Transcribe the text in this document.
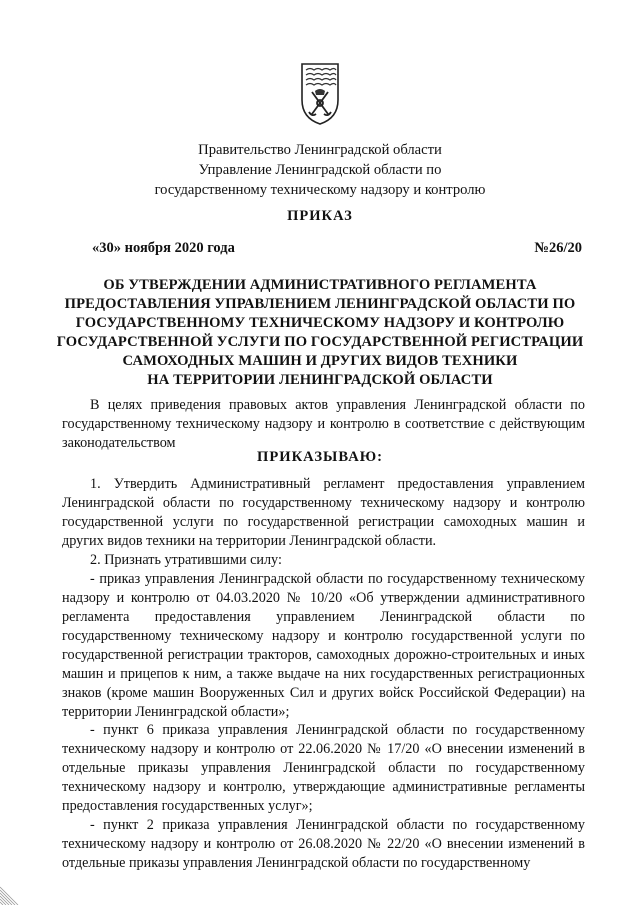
Правительство Ленинградской области
Управление Ленинградской области по
государственному техническому надзору и контролю
ПРИКАЗ
«30» ноября 2020 года	№26/20
ОБ УТВЕРЖДЕНИИ АДМИНИСТРАТИВНОГО РЕГЛАМЕНТА
ПРЕДОСТАВЛЕНИЯ УПРАВЛЕНИЕМ ЛЕНИНГРАДСКОЙ ОБЛАСТИ ПО
ГОСУДАРСТВЕННОМУ ТЕХНИЧЕСКОМУ НАДЗОРУ И КОНТРОЛЮ
ГОСУДАРСТВЕННОЙ УСЛУГИ ПО ГОСУДАРСТВЕННОЙ РЕГИСТРАЦИИ
САМОХОДНЫХ МАШИН И ДРУГИХ ВИДОВ ТЕХНИКИ
НА ТЕРРИТОРИИ ЛЕНИНГРАДСКОЙ ОБЛАСТИ
В целях приведения правовых актов управления Ленинградской области по государственному техническому надзору и контролю в соответствие с действующим законодательством
ПРИКАЗЫВАЮ:
1. Утвердить Административный регламент предоставления управлением Ленинградской области по государственному техническому надзору и контролю государственной услуги по государственной регистрации самоходных машин и других видов техники на территории Ленинградской области.
2. Признать утратившими силу:
- приказ управления Ленинградской области по государственному техническому надзору и контролю от 04.03.2020 № 10/20 «Об утверждении административного регламента предоставления управлением Ленинградской области по государственному техническому надзору и контролю государственной услуги по государственной регистрации тракторов, самоходных дорожно-строительных и иных машин и прицепов к ним, а также выдаче на них государственных регистрационных знаков (кроме машин Вооруженных Сил и других войск Российской Федерации) на территории Ленинградской области»;
- пункт 6 приказа управления Ленинградской области по государственному техническому надзору и контролю от 22.06.2020 № 17/20 «О внесении изменений в отдельные приказы управления Ленинградской области по государственному техническому надзору и контролю, утверждающие административные регламенты предоставления государственных услуг»;
- пункт 2 приказа управления Ленинградской области по государственному техническому надзору и контролю от 26.08.2020 № 22/20 «О внесении изменений в отдельные приказы управления Ленинградской области по государственному
